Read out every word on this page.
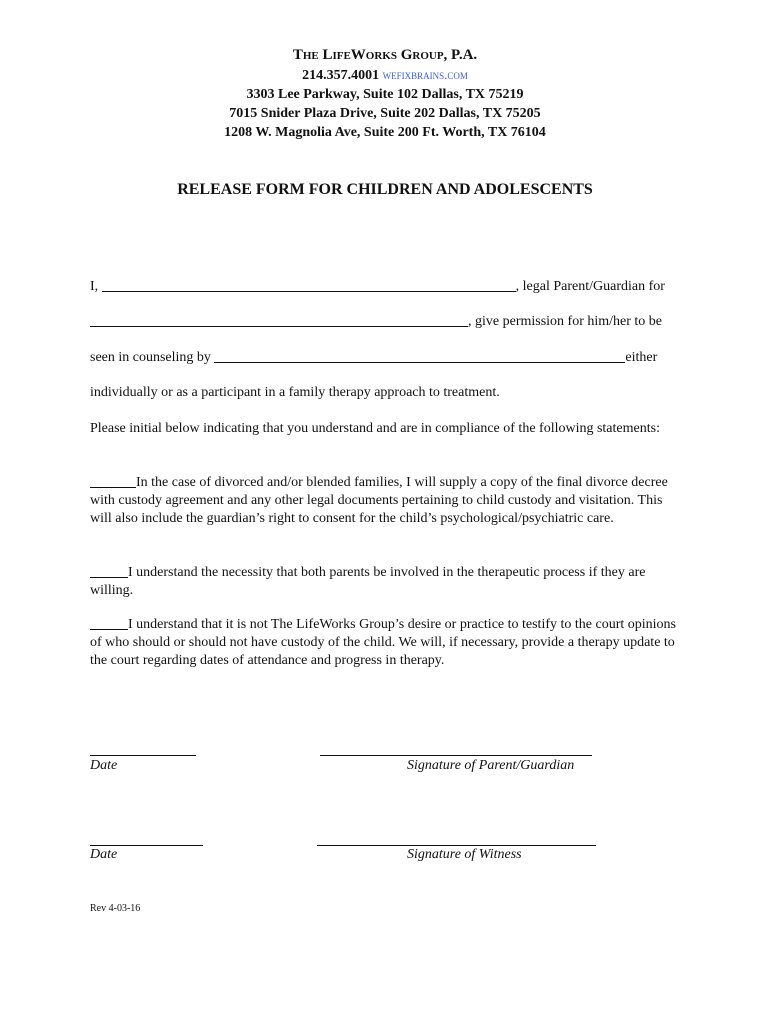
The LifeWorks Group, P.A.
214.357.4001 wefixbrains.com
3303 Lee Parkway, Suite 102 Dallas, TX 75219
7015 Snider Plaza Drive, Suite 202 Dallas, TX 75205
1208 W. Magnolia Ave, Suite 200 Ft. Worth, TX 76104
RELEASE FORM FOR CHILDREN AND ADOLESCENTS
I,	, legal Parent/Guardian for
, give permission for him/her to be
seen in counseling by	either
individually or as a participant in a family therapy approach to treatment.
Please initial below indicating that you understand and are in compliance of the following statements:
In the case of divorced and/or blended families, I will supply a copy of the final divorce decree with custody agreement and any other legal documents pertaining to child custody and visitation. This will also include the guardian’s right to consent for the child’s psychological/psychiatric care.
I understand the necessity that both parents be involved in the therapeutic process if they are willing.
I understand that it is not The LifeWorks Group’s desire or practice to testify to the court opinions of who should or should not have custody of the child. We will, if necessary, provide a therapy update to the court regarding dates of attendance and progress in therapy.
Date	Signature of Parent/Guardian
Date	Signature of Witness
Rev 4-03-16
